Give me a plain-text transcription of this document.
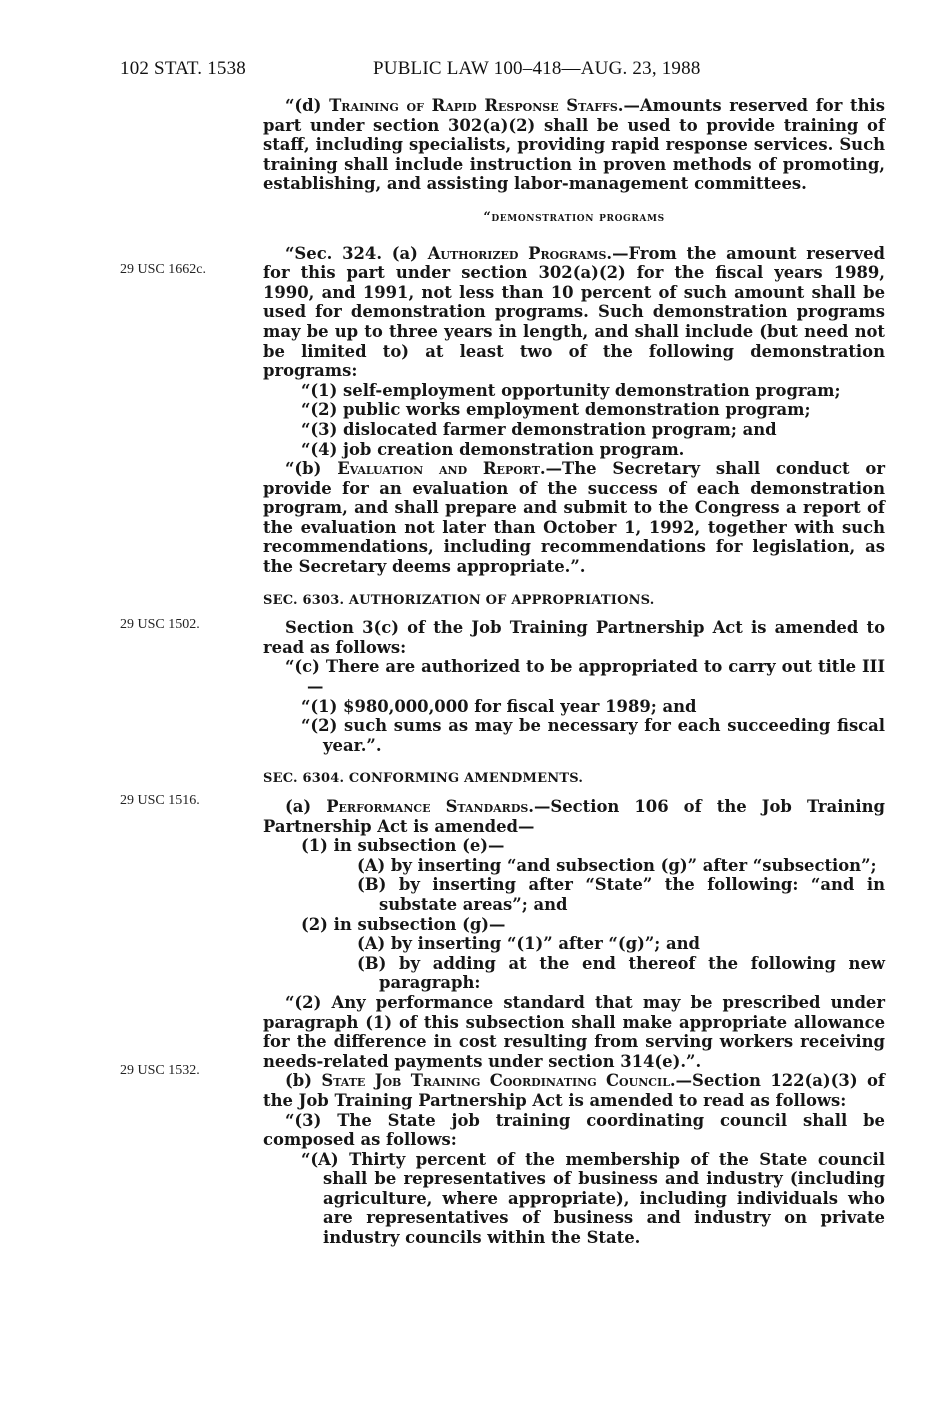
102 STAT. 1538	PUBLIC LAW 100–418—AUG. 23, 1988
29 USC 1662c.
29 USC 1502.
29 USC 1516.
29 USC 1532.

“(d) Training of Rapid Response Staffs.—Amounts reserved for this part under section 302(a)(2) shall be used to provide training of staff, including specialists, providing rapid response services. Such training shall include instruction in proven methods of promoting, establishing, and assisting labor-management committees.

“demonstration programs

“Sec. 324. (a) Authorized Programs.—From the amount reserved for this part under section 302(a)(2) for the fiscal years 1989, 1990, and 1991, not less than 10 percent of such amount shall be used for demonstration programs. Such demonstration programs may be up to three years in length, and shall include (but need not be limited to) at least two of the following demonstration programs:

“(1) self-employment opportunity demonstration program;

“(2) public works employment demonstration program;

“(3) dislocated farmer demonstration program; and

“(4) job creation demonstration program.

“(b) Evaluation and Report.—The Secretary shall conduct or provide for an evaluation of the success of each demonstration program, and shall prepare and submit to the Congress a report of the evaluation not later than October 1, 1992, together with such recommendations, including recommendations for legislation, as the Secretary deems appropriate.”.

SEC. 6303. AUTHORIZATION OF APPROPRIATIONS.

Section 3(c) of the Job Training Partnership Act is amended to read as follows:

“(c) There are authorized to be appropriated to carry out title III—

“(1) $980,000,000 for fiscal year 1989; and

“(2) such sums as may be necessary for each succeeding fiscal year.”.

SEC. 6304. CONFORMING AMENDMENTS.

(a) Performance Standards.—Section 106 of the Job Training Partnership Act is amended—

(1) in subsection (e)—

(A) by inserting “and subsection (g)” after “subsection”;

(B) by inserting after “State” the following: “and in substate areas”; and

(2) in subsection (g)—

(A) by inserting “(1)” after “(g)”; and

(B) by adding at the end thereof the following new paragraph:

“(2) Any performance standard that may be prescribed under paragraph (1) of this subsection shall make appropriate allowance for the difference in cost resulting from serving workers receiving needs-related payments under section 314(e).”.

(b) State Job Training Coordinating Council.—Section 122(a)(3) of the Job Training Partnership Act is amended to read as follows:

“(3) The State job training coordinating council shall be composed as follows:

“(A) Thirty percent of the membership of the State council shall be representatives of business and industry (including agriculture, where appropriate), including individuals who are representatives of business and industry on private industry councils within the State.
